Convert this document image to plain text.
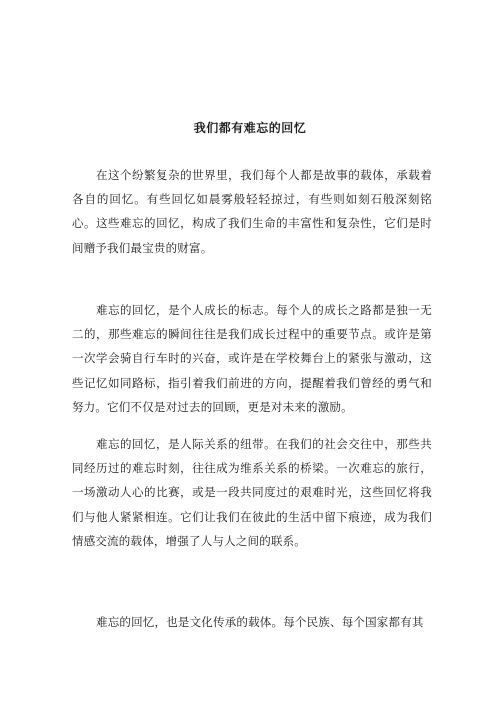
我们都有难忘的回忆

在这个纷繁复杂的世界里，我们每个人都是故事的载体，承载着各自的回忆。有些回忆如晨雾般轻轻掠过，有些则如刻石般深刻铭心。这些难忘的回忆，构成了我们生命的丰富性和复杂性，它们是时间赠予我们最宝贵的财富。

难忘的回忆，是个人成长的标志。每个人的成长之路都是独一无二的，那些难忘的瞬间往往是我们成长过程中的重要节点。或许是第一次学会骑自行车时的兴奋，或许是在学校舞台上的紧张与激动，这些记忆如同路标，指引着我们前进的方向，提醒着我们曾经的勇气和努力。它们不仅是对过去的回顾，更是对未来的激励。

难忘的回忆，是人际关系的纽带。在我们的社会交往中，那些共同经历过的难忘时刻，往往成为维系关系的桥梁。一次难忘的旅行，一场激动人心的比赛，或是一段共同度过的艰难时光，这些回忆将我们与他人紧紧相连。它们让我们在彼此的生活中留下痕迹，成为我们情感交流的载体，增强了人与人之间的联系。

难忘的回忆，也是文化传承的载体。每个民族、每个国家都有其
